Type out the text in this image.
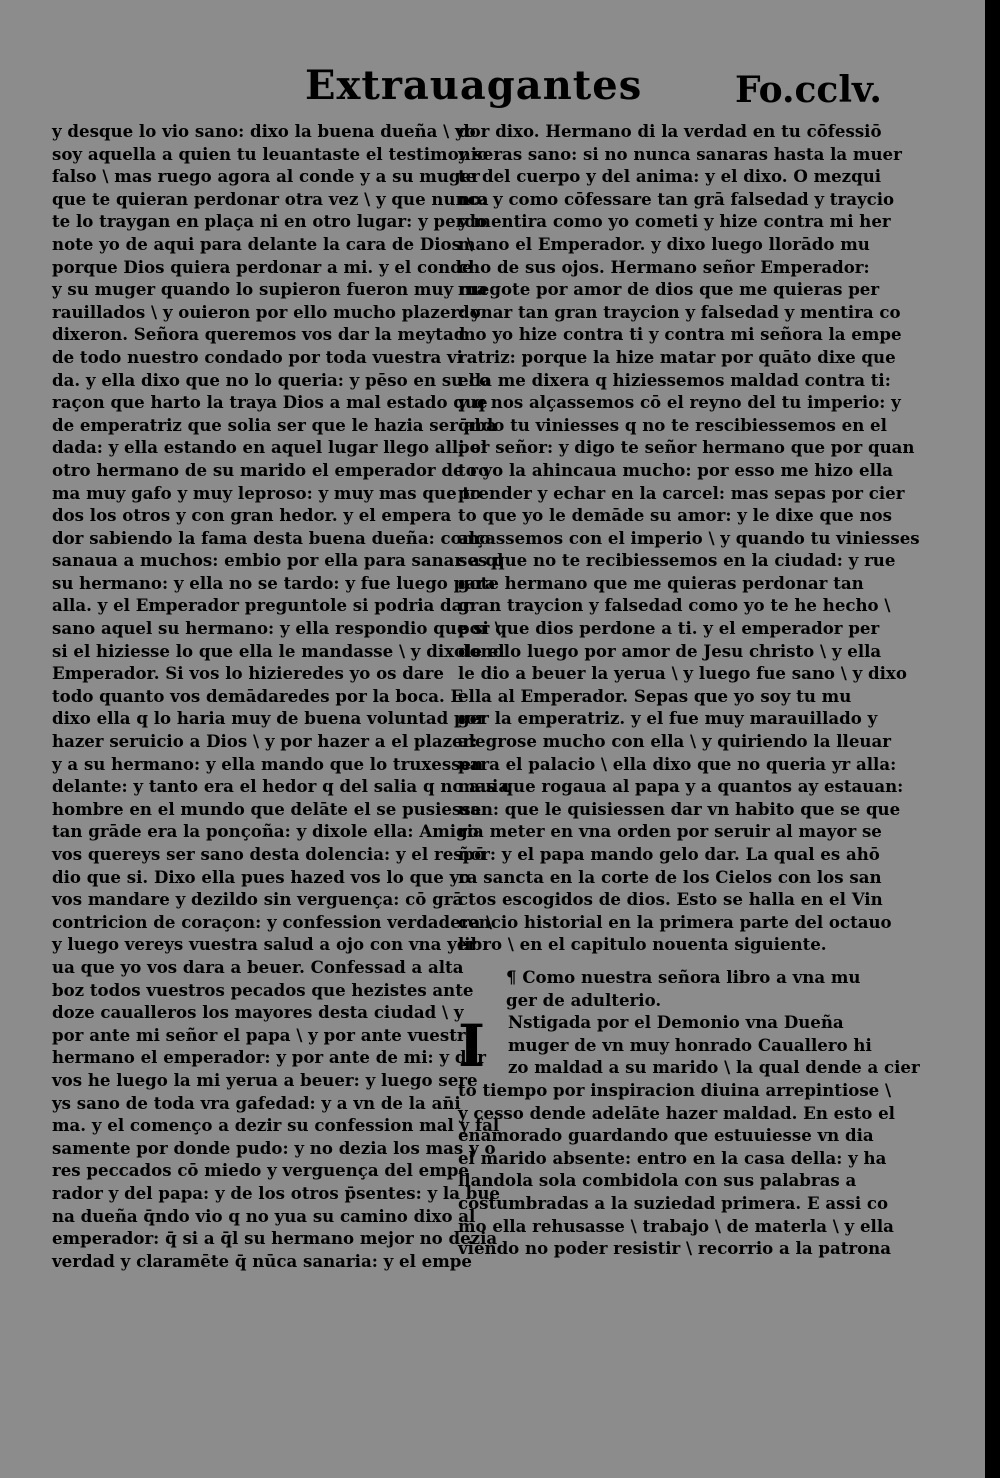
Extrauagantes	Fo.cclv.
y desque lo vio sano: dixo la buena dueña \ yo
soy aquella a quien tu leuantaste el testimonio
falso \ mas ruego agora al conde y a su muger
que te quieran perdonar otra vez \ y que nunca
te lo traygan en plaça ni en otro lugar: y perdo
note yo de aqui para delante la cara de Dios \
porque Dios quiera perdonar a mi. y el conde
y su muger quando lo supieron fueron muy ma
rauillados \ y ouieron por ello mucho plazer: y
dixeron. Señora queremos vos dar la meytad
de todo nuestro condado por toda vuestra vi
da. y ella dixo que no lo queria: y pēso en su co
raçon que harto la traya Dios a mal estado que
de emperatriz que solia ser que le hazia ser aba
dada: y ella estando en aquel lugar llego alli el
otro hermano de su marido el emperador de ro
ma muy gafo y muy leproso: y muy mas que to
dos los otros y con gran hedor. y el empera
dor sabiendo la fama desta buena dueña: como
sanaua a muchos: embio por ella para sanar a ql
su hermano: y ella no se tardo: y fue luego para
alla. y el Emperador preguntole si podria dar
sano aquel su hermano: y ella respondio que si \
si el hiziesse lo que ella le mandasse \ y dixole el
Emperador. Si vos lo hizieredes yo os dare
todo quanto vos demādaredes por la boca. E
dixo ella q lo haria muy de buena voluntad por
hazer seruicio a Dios \ y por hazer a el plazer:
y a su hermano: y ella mando que lo truxessen
delante: y tanto era el hedor q del salia q no auia
hombre en el mundo que delāte el se pusiesse:
tan grāde era la ponçoña: y dixole ella: Amigo
vos quereys ser sano desta dolencia: y el respō
dio que si. Dixo ella pues hazed vos lo que yo
vos mandare y dezildo sin verguença: cō grā
contricion de coraçon: y confession verdadera \
y luego vereys vuestra salud a ojo con vna yer
ua que yo vos dara a beuer. Confessad a alta
boz todos vuestros pecados que hezistes ante
doze caualleros los mayores desta ciudad \ y
por ante mi señor el papa \ y por ante vuestro
hermano el emperador: y por ante de mi: y dar
vos he luego la mi yerua a beuer: y luego sere
ys sano de toda vra gafedad: y a vn de la an̄i
ma. y el començo a dezir su confession mal y fal
samente por donde pudo: y no dezia los mas y o
res peccados cō miedo y verguença del empe
rador y del papa: y de los otros p̄sentes: y la bue
na dueña q̄ndo vio q no yua su camino dixo al
emperador: q̄ si a q̄l su hermano mejor no dezia
verdad y claramēte q̄ nūca sanaria: y el empe
dor dixo. Hermano di la verdad en tu cōfessiō
y seras sano: si no nunca sanaras hasta la muer
te del cuerpo y del anima: y el dixo. O mezqui
no: y como cōfessare tan grā falsedad y traycio
y mentira como yo cometi y hize contra mi her
mano el Emperador. y dixo luego llorādo mu
cho de sus ojos. Hermano señor Emperador:
ruegote por amor de dios que me quieras per
donar tan gran traycion y falsedad y mentira co
mo yo hize contra ti y contra mi señora la empe
ratriz: porque la hize matar por quāto dixe que
ella me dixera q hiziessemos maldad contra ti:
y q nos alçassemos cō el reyno del tu imperio: y
q̄ndo tu viniesses q no te rescibiessemos en el
por señor: y digo te señor hermano que por quan
to yo la ahincaua mucho: por esso me hizo ella
prender y echar en la carcel: mas sepas por cier
to que yo le demāde su amor: y le dixe que nos
alçassemos con el imperio \ y quando tu viniesses
ses que no te recibiessemos en la ciudad: y rue
gote hermano que me quieras perdonar tan
gran traycion y falsedad como yo te he hecho \
por que dios perdone a ti. y el emperador per
donolo luego por amor de Jesu christo \ y ella
le dio a beuer la yerua \ y luego fue sano \ y dixo
ella al Emperador. Sepas que yo soy tu mu
ger la emperatriz. y el fue muy marauillado y
alegrose mucho con ella \ y quiriendo la lleuar
para el palacio \ ella dixo que no queria yr alla:
mas que rogaua al papa y a quantos ay estauan:
uan: que le quisiessen dar vn habito que se que
ria meter en vna orden por seruir al mayor se
ñor: y el papa mando gelo dar. La qual es ahō
ra sancta en la corte de los Cielos con los san
ctos escogidos de dios. Esto se halla en el Vin
cencio historial en la primera parte del octauo
libro \ en el capitulo nouenta siguiente.
¶ Como nuestra señora libro a vna mu
ger de adulterio.
I	Nstigada por el Demonio vna Dueña
muger de vn muy honrado Cauallero hi
zo maldad a su marido \ la qual dende a cier
to tiempo por inspiracion diuina arrepintiose \
y cesso dende adelāte hazer maldad. En esto el
enamorado guardando que estuuiesse vn dia
el marido absente: entro en la casa della: y ha
llandola sola combidola con sus palabras a
costumbradas a la suziedad primera. E assi co
mo ella rehusasse \ trabajo \ de materla \ y ella
viendo no poder resistir \ recorrio a la patrona
